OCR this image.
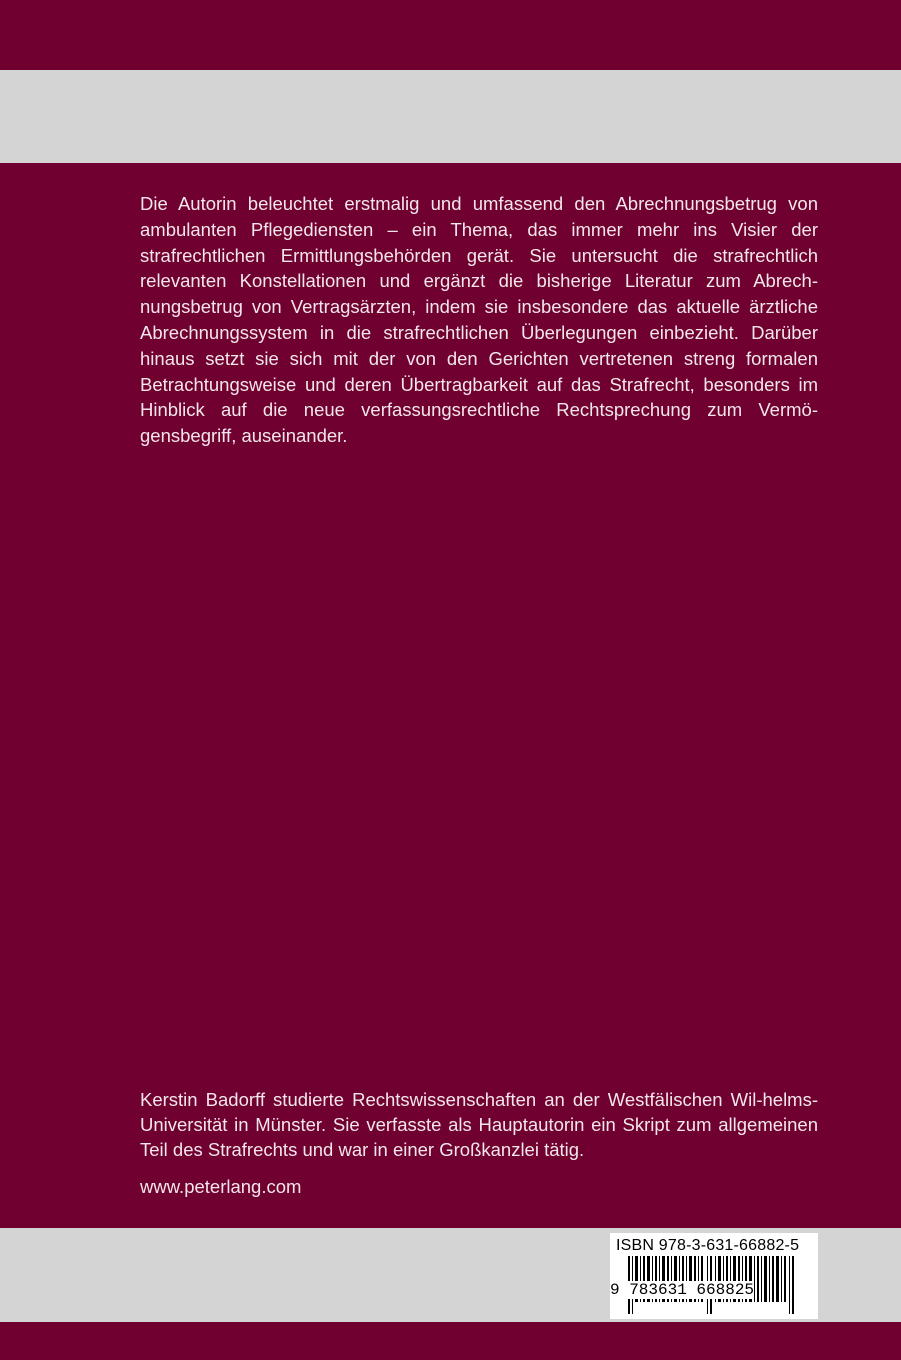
Die Autorin beleuchtet erstmalig und umfassend den Abrechnungsbetrug von ambulanten Pflegediensten – ein Thema, das immer mehr ins Visier der strafrechtlichen Ermittlungsbehörden gerät. Sie untersucht die strafrechtlich relevanten Konstellationen und ergänzt die bisherige Literatur zum Abrech-nungsbetrug von Vertragsärzten, indem sie insbesondere das aktuelle ärztliche Abrechnungssystem in die strafrechtlichen Überlegungen einbezieht. Darüber hinaus setzt sie sich mit der von den Gerichten vertretenen streng formalen Betrachtungsweise und deren Übertragbarkeit auf das Strafrecht, besonders im Hinblick auf die neue verfassungsrechtliche Rechtsprechung zum Vermö-gensbegriff, auseinander.
Kerstin Badorff studierte Rechtswissenschaften an der Westfälischen Wil-helms-Universität in Münster. Sie verfasste als Hauptautorin ein Skript zum allgemeinen Teil des Strafrechts und war in einer Großkanzlei tätig.
www.peterlang.com
ISBN 978-3-631-66882-5
9 783631 668825
